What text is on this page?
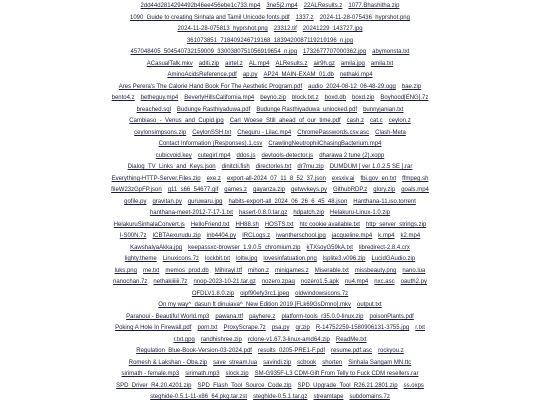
2dd44d2814294492b46ee456ebe1c733.mp4 3ne5j2.mp4 22ALResults.z 1077.Bhashitha.zip
1090_Guide to creating Sinhala and Tamil Unicode fonts.pdf 1337.z 2024-11-28-075436_hyprshot.png
2024-11-28-075813_hyprshot.png 23312.tif 20241229_143727.jpg
361073851_718409246719168_1839420087119219196_n.jpg
457048405_504540732159009_3300380751056919654_n.jpg 1732677707000362.jpg abymonsta.txt
ACasualTalk.mkv aditi.zip airtel.z AL.mp4 ALResults.z air9h.gz amila.jpg amila.txt
AminoAcidsReference.pdf ap.py AP24_MAIN-EXAM_01.db nethaki.mp4
Ares Perera's The Calorie Hand Book For The Aesthetic Program.pdf audio_2024-08-12_06-48-29.ogg bae.zip
bento4.z betheguy.mp4 BeverlyHillsCalifornia.mp4 beyno.zip block.txt.z boxd.db boxd.zip Boyhood[ENG].7z
breached.sql Budunge Rasthiyaduwa.pdf Budunge Rasthiyaduwa_unlocked.pdf bunnyjanian.txt
Cambiaso_-_Venus_and_Cupid.jpg Carl_Woese_Still_ahead_of_our_time.pdf cash.z cat.c ceylon.z
ceylonsimpsons.zip CeylonSSH.txt Cheguru - Lilac.mp4 ChromePasswords.csv.asc Clash-Meta
Contact Information (Responses).1.csv CrawlingNeutrophilChasingBacterium.mp4
cubicvoid.key cutegirl.mp4 ddos.js devtools-detector.js dharawa 2 tune (2).xopp
Dialog_TV_Links_and_Keys.json dinitcti.fish directories.txt dr7mu.zip DUMDUM [ ver 1.0.2.5 SE ].rar
Everything-HTTP-Server.Files.zip exe.z export-all-2024_07_11_8_52_37.json exsxiv.ai fbi.gov_en.txt ffmpeg.sh
fileW23zGpFP.json g11_s66_54677.gif games.z gayanza.zip getwvkeys.py GithubRDP.z glory.zip goals.mp4
gofile.py gravitan.py guruwaru.jpg habits-export-all_2024_06_26_6_45_48.json Hanthana-11.iso.torrent
hanthana-meet-2012-7-17-1.txt hasert-0.8.0.tar.gz hdpatch.zip Helakuru-Linux-1.0.zip
HelakuruSinhalaConvert.js HelloFriend.txt HH88.sh HOSTS.txt htc cookie available.txt http_server_strings.zip
I-S00N.7z ICBTAexurudu.zip inb4404.py IRCLogs.z iwantherschool.jpg jacqueline.mp4 k.mp4 k2.mp4
KawshalyaAkka.jpg keepassxc-browser_1.9.0.5_chromium.zip kTXsoyG59kA.txt libredirect-2.8.4.crx
lighty.theme Linuxicons.7z lockbit.txt loltw.jpg lovesinfatuation.png lsplite3.v096.zip LucidGAudio.zip
luks.png me.txt memos_prod.db Mihirayi.ttf mihon.z minigames.z Miserable.txt missbeauty.png nano.lua
nanochan.7z nethakiiiiii.7z nnop-2023-10-21.tar.gz nozero.zpaq nozero1.5.apk nu4.mp4 nxc.asc oauth2.py
OFDLV1.8.0.zip oipf90efy3rc1.jpeg oldwindowsicons.7z
On my way^_dasun ft dinuiava^_New Edition 2019 [FLk69GsDmno].mkv output.txt
Paranoui - Beautiful World.mp3 pawana.ttf payhere.z platform-tools_r35.0.0-linux.zip poisonPlants.pdf
Poking A Hole In Firewall.pdf porn.txt ProxyScrape.7z psa.py qr.zip R-14752259-1580906131-3755.jpg r.txt
r.txt.gpg randhishree.zip rclone-v1.67.3-linux-amd64.zip ReadMe.txt
Regulation_Blue-Book-Version-03-2024.pdf results_0205-PRE1-F.pdf resume.pdf.asc rockyou.z
Romesh & Lakshan - Oba.zip save_stream.lua savindi.zip scbook shorten Sinhala Sangam MN.ttc
sirimath - female.mp3 sirimath.mp3 slock.zip SM-G935F-L3 CDM-Gift From Telly to Fuck CDM resellers.rar
SPD_Driver_R4.20.4201.zip SPD_Flash_Tool_Source_Code.zip SPD_Upgrade_Tool_R26.21.2801.zip ss.oxps
steghide-0.5.1-11-x86_64.pkg.tar.zst steghide-0.5.1.tar.gz streamtape subdomains.7z
